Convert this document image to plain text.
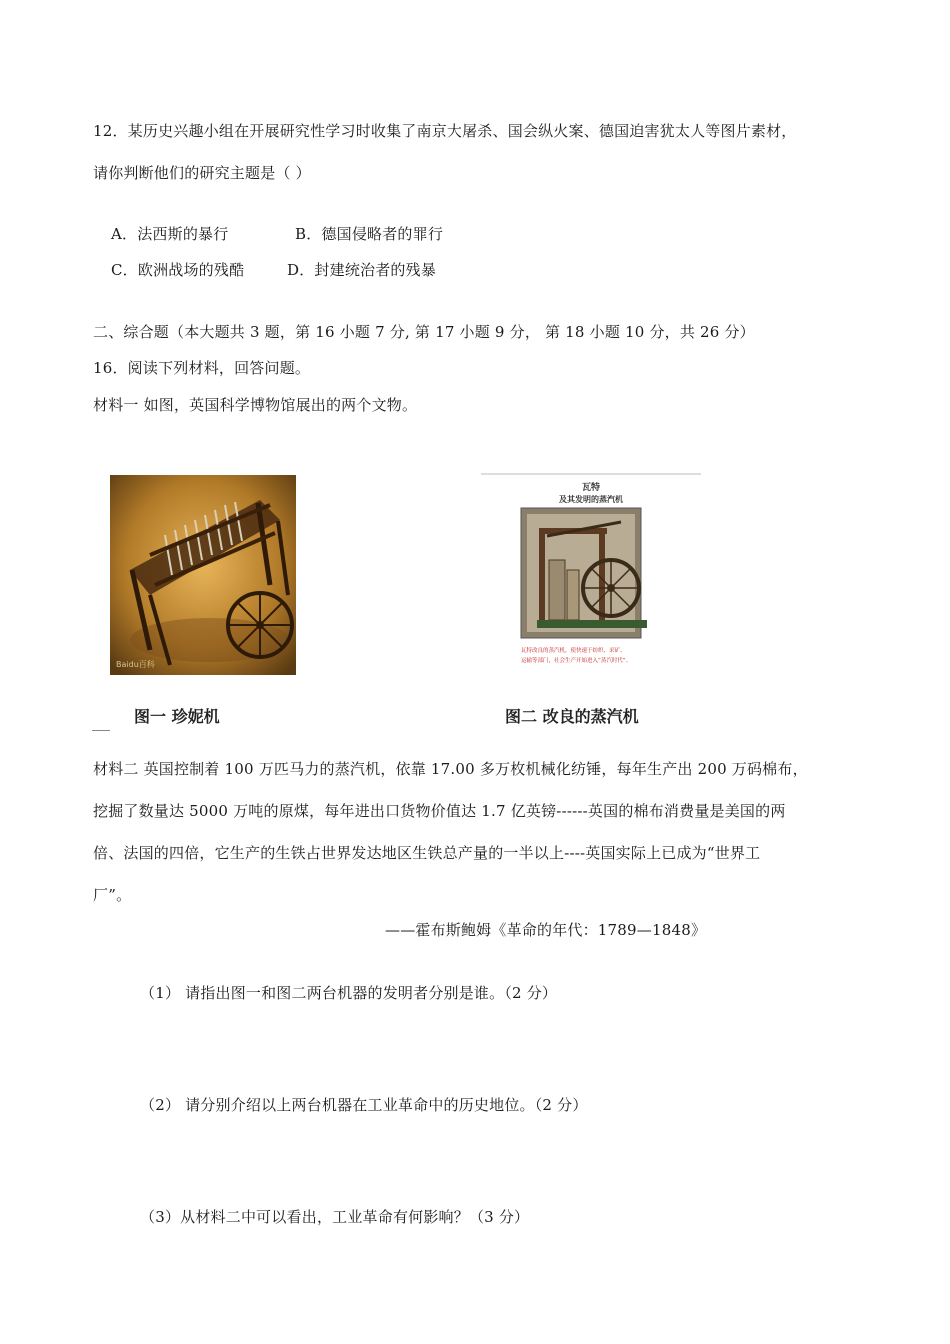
12．某历史兴趣小组在开展研究性学习时收集了南京大屠杀、国会纵火案、德国迫害犹太人等图片素材，
请你判断他们的研究主题是（ ）
A．法西斯的暴行	B．德国侵略者的罪行
C．欧洲战场的残酷	D．封建统治者的残暴
二、综合题（本大题共 3 题，第 16 小题 7 分, 第 17 小题 9 分， 第 18 小题 10 分，共 26 分）
16．阅读下列材料，回答问题。
材料一 如图，英国科学博物馆展出的两个文物。
Baidu百科
瓦特
及其发明的蒸汽机
瓦特改良的蒸汽机，使快速于纺织、采矿、
运输等部门，社会生产开始进入“蒸汽时代”。
图一 珍妮机	图二 改良的蒸汽机
材料二 英国控制着 100 万匹马力的蒸汽机，依靠 17.00 多万枚机械化纺锤，每年生产出 200 万码棉布，
挖掘了数量达 5000 万吨的原煤，每年进出口货物价值达 1.7 亿英镑------英国的棉布消费量是美国的两
倍、法国的四倍，它生产的生铁占世界发达地区生铁总产量的一半以上----英国实际上已成为“世界工
厂”。
——霍布斯鲍姆《革命的年代：1789—1848》
（1） 请指出图一和图二两台机器的发明者分别是谁。（2 分）
（2） 请分别介绍以上两台机器在工业革命中的历史地位。（2 分）
（3）从材料二中可以看出，工业革命有何影响？（3 分）
